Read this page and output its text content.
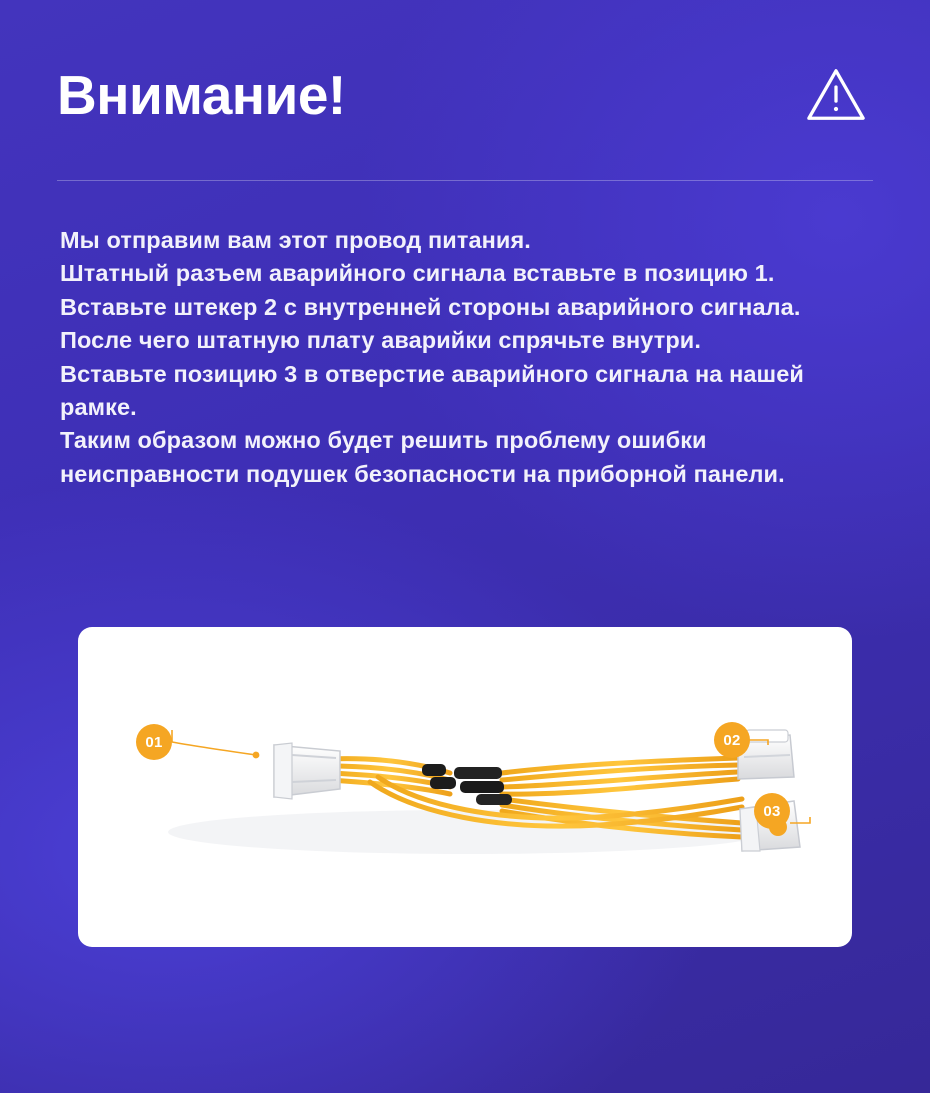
Внимание!

Мы отправим вам этот провод питания.

Штатный разъем аварийного сигнала вставьте в позицию 1.

Вставьте штекер 2 с внутренней стороны аварийного сигнала. После чего штатную плату аварийки спрячьте внутри.

Вставьте позицию 3 в отверстие аварийного сигнала на нашей рамке.

Таким образом можно будет решить проблему ошибки неисправности подушек безопасности на приборной панели.

01	02
03
